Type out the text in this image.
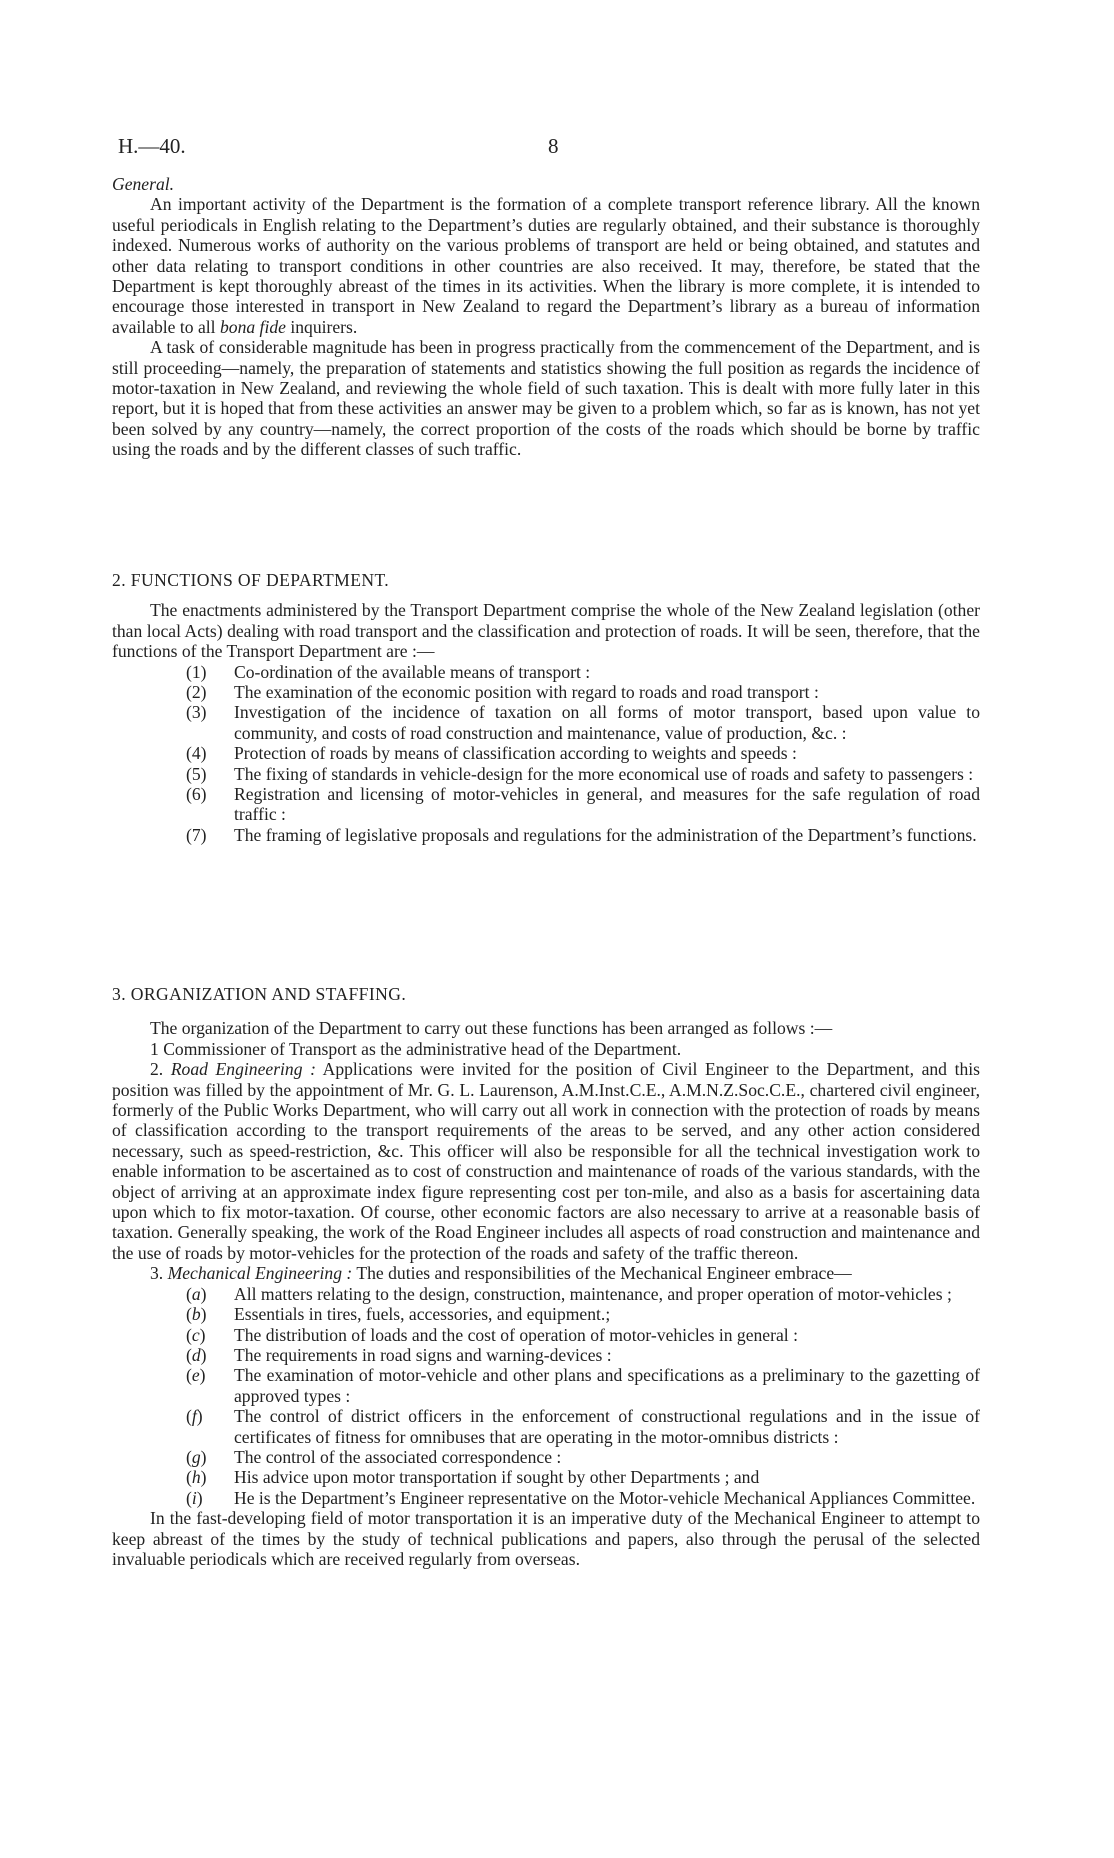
H.—40.	8

General.

An important activity of the Department is the formation of a complete transport reference library. All the known useful periodicals in English relating to the Department’s duties are regularly obtained, and their substance is thoroughly indexed. Numerous works of authority on the various problems of transport are held or being obtained, and statutes and other data relating to transport conditions in other countries are also received. It may, therefore, be stated that the Department is kept thoroughly abreast of the times in its activities. When the library is more complete, it is intended to encourage those interested in transport in New Zealand to regard the Department’s library as a bureau of information available to all bona fide inquirers.

A task of considerable magnitude has been in progress practically from the commencement of the Department, and is still proceeding—namely, the preparation of statements and statistics showing the full position as regards the incidence of motor-taxation in New Zealand, and reviewing the whole field of such taxation. This is dealt with more fully later in this report, but it is hoped that from these activities an answer may be given to a problem which, so far as is known, has not yet been solved by any country—namely, the correct proportion of the costs of the roads which should be borne by traffic using the roads and by the different classes of such traffic.

2. FUNCTIONS OF DEPARTMENT.

The enactments administered by the Transport Department comprise the whole of the New Zealand legislation (other than local Acts) dealing with road transport and the classification and protection of roads. It will be seen, therefore, that the functions of the Transport Department are :—

(1) Co-ordination of the available means of transport :
(2) The examination of the economic position with regard to roads and road transport :
(3) Investigation of the incidence of taxation on all forms of motor transport, based upon value to community, and costs of road construction and maintenance, value of production, &c. :
(4) Protection of roads by means of classification according to weights and speeds :
(5) The fixing of standards in vehicle-design for the more economical use of roads and safety to passengers :
(6) Registration and licensing of motor-vehicles in general, and measures for the safe regulation of road traffic :
(7) The framing of legislative proposals and regulations for the administration of the Department’s functions.

3. ORGANIZATION AND STAFFING.

The organization of the Department to carry out these functions has been arranged as follows :—

1 Commissioner of Transport as the administrative head of the Department.

2. Road Engineering : Applications were invited for the position of Civil Engineer to the Department, and this position was filled by the appointment of Mr. G. L. Laurenson, A.M.Inst.C.E., A.M.N.Z.Soc.C.E., chartered civil engineer, formerly of the Public Works Department, who will carry out all work in connection with the protection of roads by means of classification according to the transport requirements of the areas to be served, and any other action considered necessary, such as speed-restriction, &c. This officer will also be responsible for all the technical investigation work to enable information to be ascertained as to cost of construction and maintenance of roads of the various standards, with the object of arriving at an approximate index figure representing cost per ton-mile, and also as a basis for ascertaining data upon which to fix motor-taxation. Of course, other economic factors are also necessary to arrive at a reasonable basis of taxation. Generally speaking, the work of the Road Engineer includes all aspects of road construction and maintenance and the use of roads by motor-vehicles for the protection of the roads and safety of the traffic thereon.

3. Mechanical Engineering : The duties and responsibilities of the Mechanical Engineer embrace—

(a) All matters relating to the design, construction, maintenance, and proper operation of motor-vehicles ;
(b) Essentials in tires, fuels, accessories, and equipment.;
(c) The distribution of loads and the cost of operation of motor-vehicles in general :
(d) The requirements in road signs and warning-devices :
(e) The examination of motor-vehicle and other plans and specifications as a preliminary to the gazetting of approved types :
(f) The control of district officers in the enforcement of constructional regulations and in the issue of certificates of fitness for omnibuses that are operating in the motor-omnibus districts :
(g) The control of the associated correspondence :
(h) His advice upon motor transportation if sought by other Departments ; and
(i) He is the Department’s Engineer representative on the Motor-vehicle Mechanical Appliances Committee.

In the fast-developing field of motor transportation it is an imperative duty of the Mechanical Engineer to attempt to keep abreast of the times by the study of technical publications and papers, also through the perusal of the selected invaluable periodicals which are received regularly from overseas.
